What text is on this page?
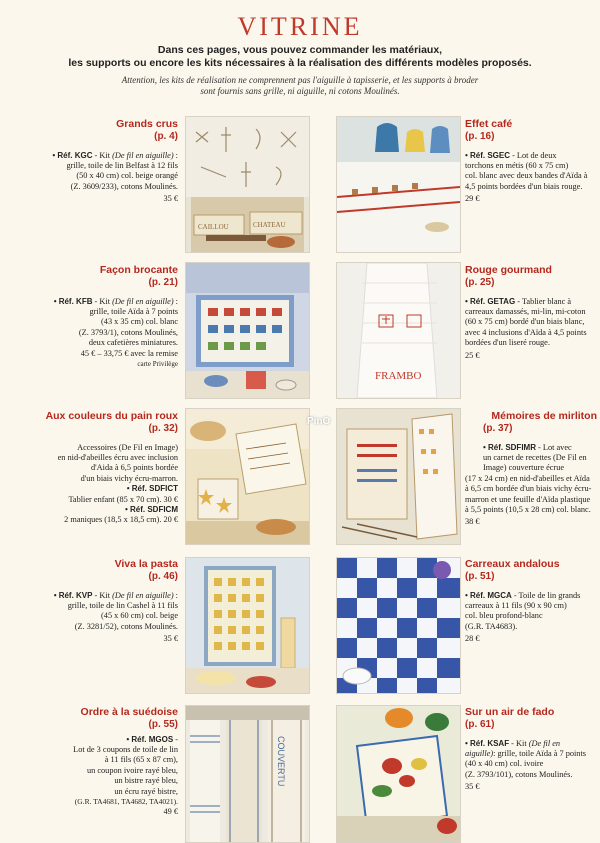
VITRINE
Dans ces pages, vous pouvez commander les matériaux,
les supports ou encore les kits nécessaires à la réalisation des différents modèles proposés.
Attention, les kits de réalisation ne comprennent pas l'aiguille à tapisserie, et les supports à broder
sont fournis sans grille, ni aiguille, ni cotons Moulinés.
Grands crus
(p. 4)
• Réf. KGC - Kit (De fil en aiguille) :
grille, toile de lin Belfast à 12 fils
(50 x 40 cm) col. beige orangé
(Z. 3609/233), cotons Moulinés.
35 €
Façon brocante
(p. 21)
• Réf. KFB - Kit (De fil en aiguille) :
grille, toile Aïda à 7 points
(43 x 35 cm) col. blanc
(Z. 3793/1), cotons Moulinés,
deux cafetières miniatures.
45 € – 33,75 € avec la remise
carte Privilège
Aux couleurs du pain roux
(p. 32)
Accessoires (De Fil en Image)
en nid-d'abeilles écru avec inclusion
d'Aida à 6,5 points bordée
d'un biais vichy écru-marron.
• Réf. SDFICT
Tablier enfant (85 x 70 cm). 30 €
• Réf. SDFICM
2 maniques (18,5 x 18,5 cm). 20 €
Viva la pasta
(p. 46)
• Réf. KVP - Kit (De fil en aiguille) :
grille, toile de lin Cashel à 11 fils
(45 x 60 cm) col. beige
(Z. 3281/52), cotons Moulinés.
35 €
Ordre à la suédoise
(p. 55)
• Réf. MGOS -
Lot de 3 coupons de toile de lin
à 11 fils (65 x 87 cm),
un coupon ivoire rayé bleu,
un bistre rayé bleu,
un écru rayé bistre,
(G.R. TA4681, TA4682, TA4021).
49 €
Effet café
(p. 16)
• Réf. SGEC - Lot de deux
torchons en métis (60 x 75 cm)
col. blanc avec deux bandes d'Aïda à
4,5 points bordées d'un biais rouge.
29 €
Rouge gourmand
(p. 25)
• Réf. GETAG - Tablier blanc à
carreaux damassés, mi-lin, mi-coton
(60 x 75 cm) bordé d'un biais blanc,
avec 4 inclusions d'Aïda à 4,5 points
bordées d'un liseré rouge.
25 €
Mémoires de mirliton
(p. 37)
• Réf. SDFIMR - Lot avec
un carnet de recettes (De Fil en
Image) couverture écrue
(17 x 24 cm) en nid-d'abeilles et Aïda
à 6,5 cm bordée d'un biais vichy écru-
marron et une feuille d'Aïda plastique
à 5,5 points (10,5 x 28 cm) col. blanc.
38 €
Carreaux andalous
(p. 51)
• Réf. MGCA - Toile de lin grands
carreaux à 11 fils (90 x 90 cm)
col. bleu profond-blanc
(G.R. TA4683).
28 €
Sur un air de fado
(p. 61)
• Réf. KSAF - Kit (De fil en
aiguille): grille, toile Aïda à 7 points
(40 x 40 cm) col. ivoire
(Z. 3793/101), cotons Moulinés.
35 €
CAILLOU	CHATEAU
COUVERTU
FRAMBO
PinO
